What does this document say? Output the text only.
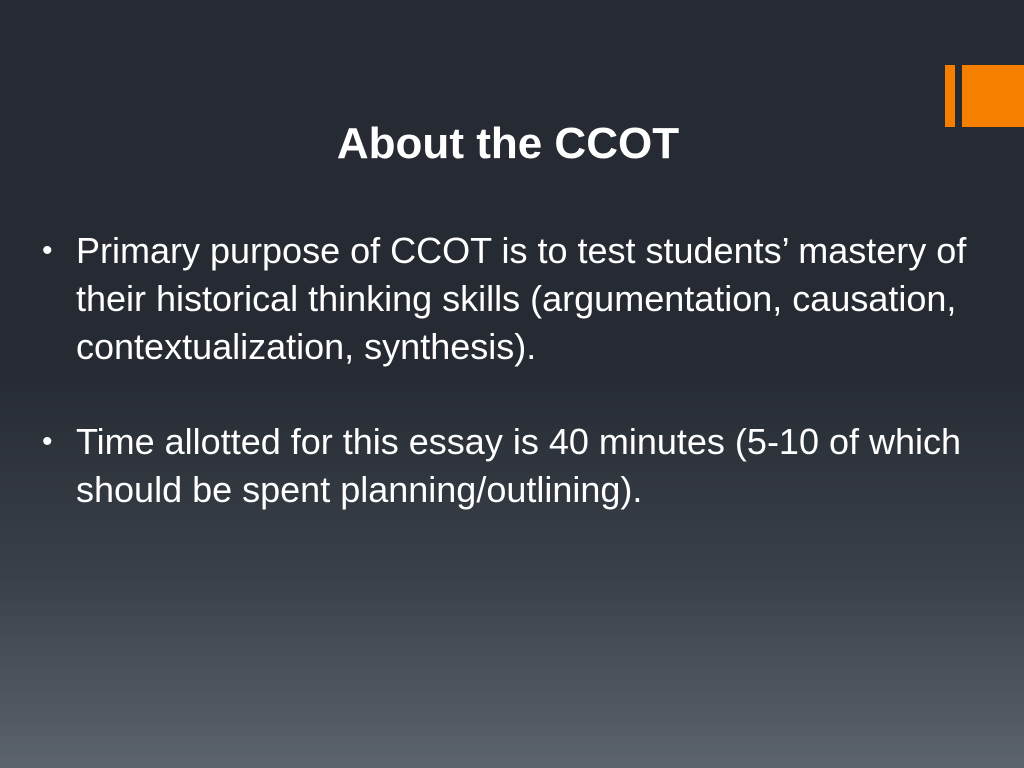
About the CCOT
• Primary purpose of CCOT is to test students’ mastery of their historical thinking skills (argumentation, causation, contextualization, synthesis).
• Time allotted for this essay is 40 minutes (5-10 of which should be spent planning/outlining).
